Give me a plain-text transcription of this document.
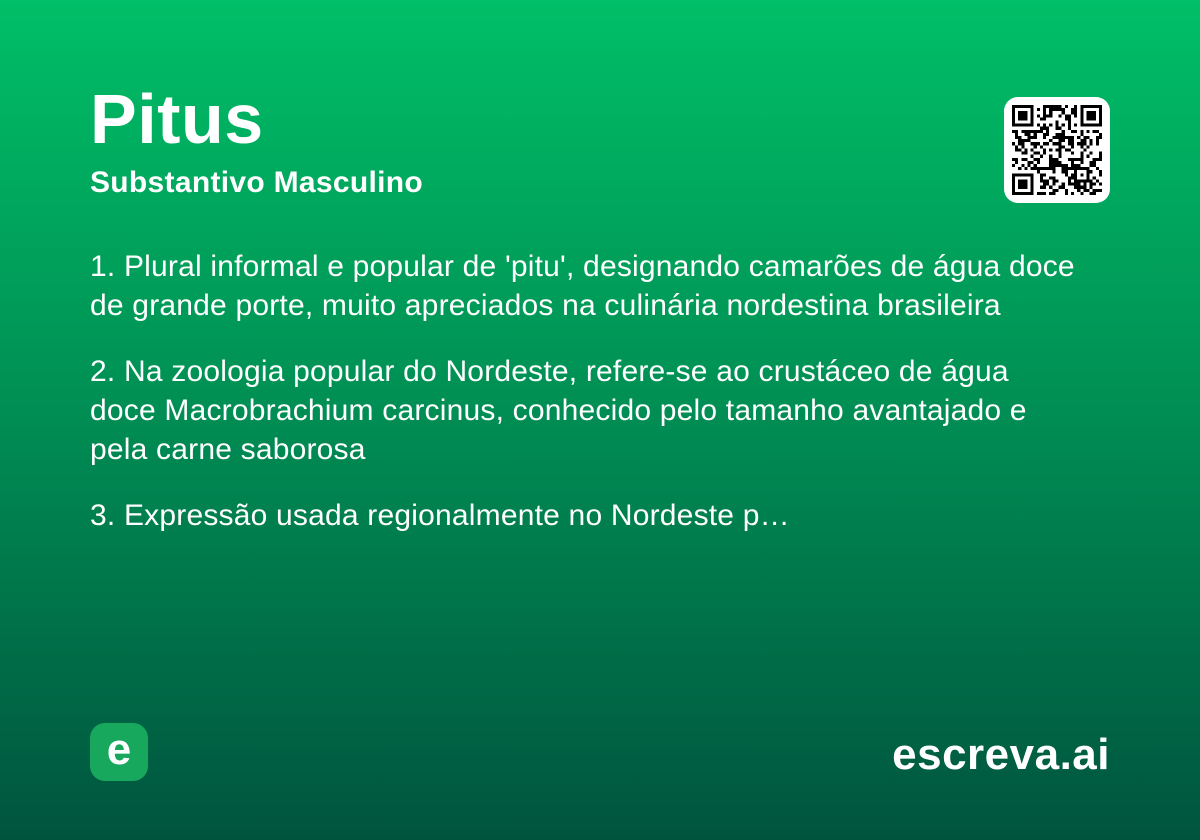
Pitus
Substantivo Masculino

1. Plural informal e popular de 'pitu', designando camarões de água doce de grande porte, muito apreciados na culinária nordestina brasileira

2. Na zoologia popular do Nordeste, refere-se ao crustáceo de água doce Macrobrachium carcinus, conhecido pelo tamanho avantajado e pela carne saborosa

3. Expressão usada regionalmente no Nordeste p…

e	escreva.ai
